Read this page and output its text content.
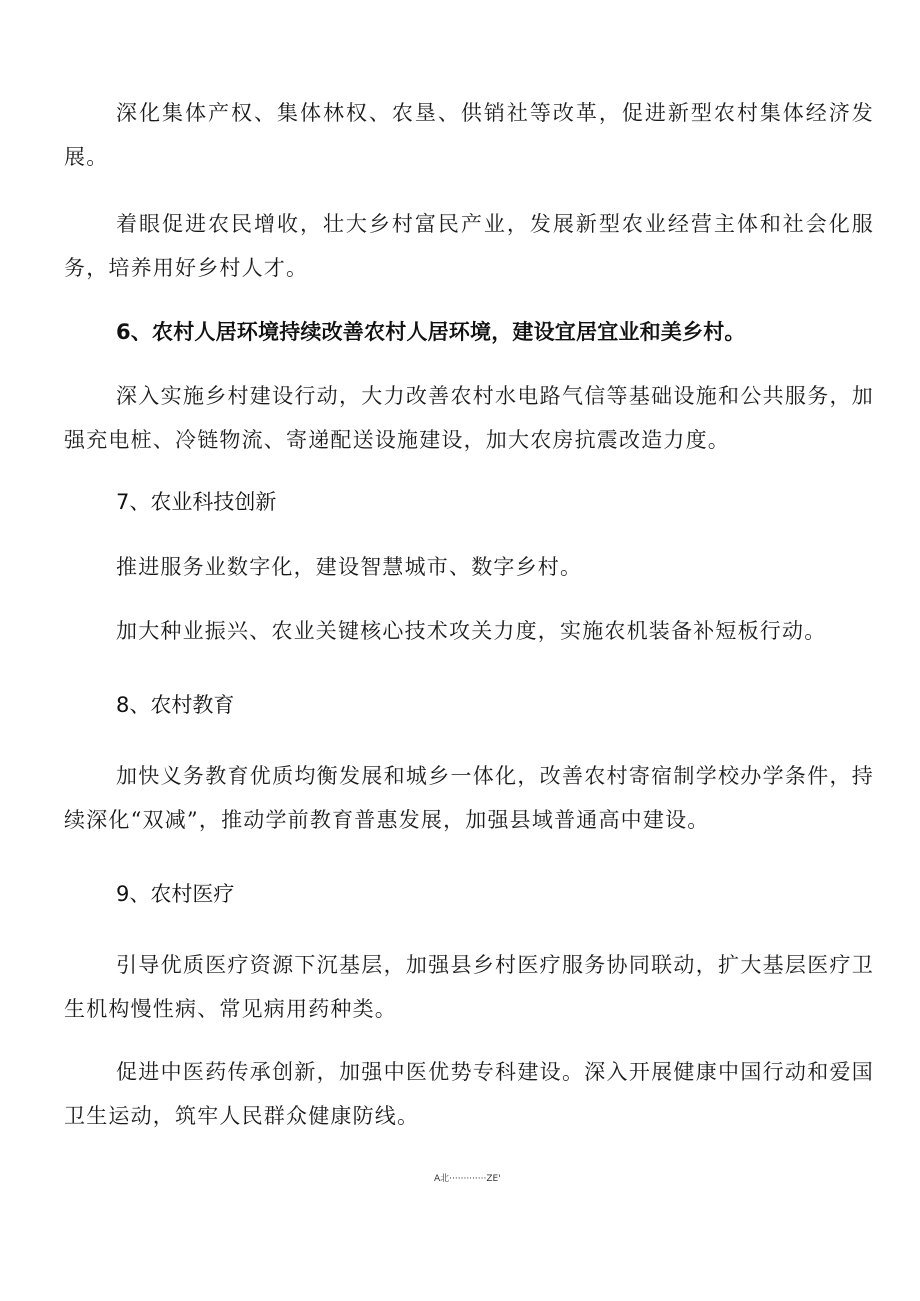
深化集体产权、集体林权、农垦、供销社等改革，促进新型农村集体经济发展。

着眼促进农民增收，壮大乡村富民产业，发展新型农业经营主体和社会化服务，培养用好乡村人才。

6、农村人居环境持续改善农村人居环境，建设宜居宜业和美乡村。

深入实施乡村建设行动，大力改善农村水电路气信等基础设施和公共服务，加强充电桩、冷链物流、寄递配送设施建设，加大农房抗震改造力度。

7、农业科技创新

推进服务业数字化，建设智慧城市、数字乡村。

加大种业振兴、农业关键核心技术攻关力度，实施农机装备补短板行动。

8、农村教育

加快义务教育优质均衡发展和城乡一体化，改善农村寄宿制学校办学条件，持续深化“双减”，推动学前教育普惠发展，加强县域普通高中建设。

9、农村医疗

引导优质医疗资源下沉基层，加强县乡村医疗服务协同联动，扩大基层医疗卫生机构慢性病、常见病用药种类。

促进中医药传承创新，加强中医优势专科建设。深入开展健康中国行动和爱国卫生运动，筑牢人民群众健康防线。

A北·············ZE'
